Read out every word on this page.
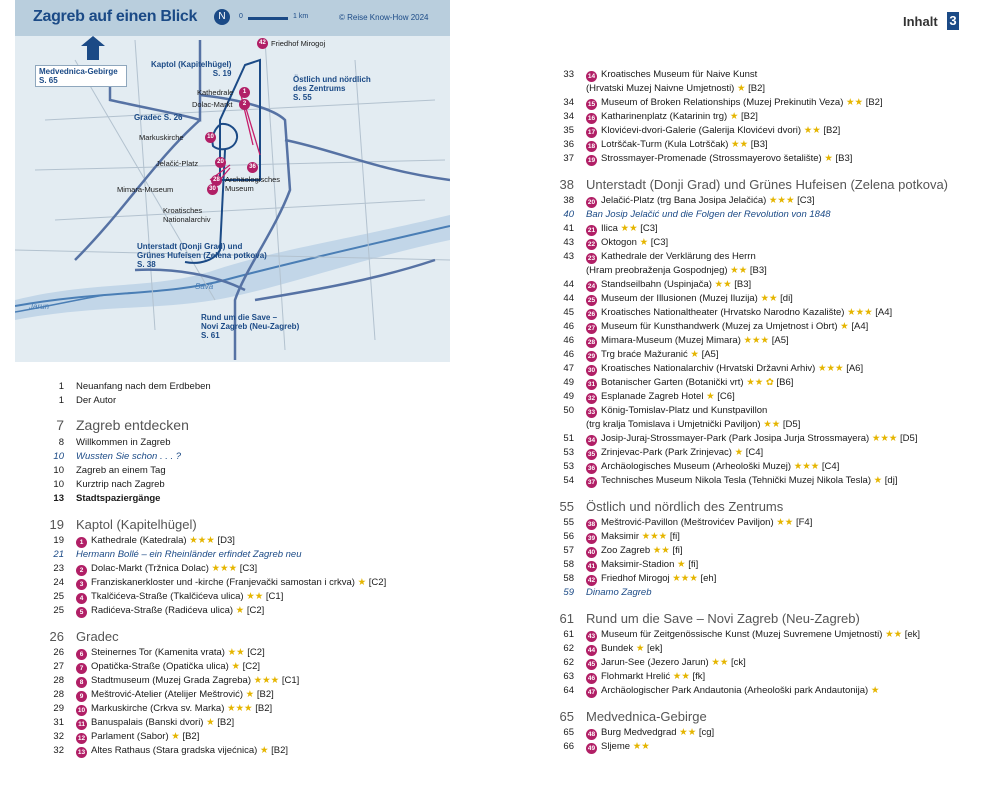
Zagreb auf einen Blick	N	0	1 km	© Reise Know-How 2024
Medvednica-Gebirge
S. 65
Kaptol (Kapitelhügel)
S. 19
Östlich und nördlich
des Zentrums
S. 55
Kathedrale
Dolac-Markt
Gradec S. 26
Markuskirche
Jelačić-Platz
Archäologisches
Museum
Mimara-Museum
Kroatisches
Nationalarchiv
Unterstadt (Donji Grad) und
Grünes Hufeisen (Zelena potkova)
S. 38
Sava
Jarun
Rund um die Save –
Novi Zagreb (Neu-Zagreb)
S. 61
Friedhof Mirogoj
1
2
10
20
36
28
30
42
Inhalt 3
1 Neuanfang nach dem Erdbeben
1 Der Autor
7 Zagreb entdecken
8 Willkommen in Zagreb
10 Wussten Sie schon . . . ?
10 Zagreb an einem Tag
10 Kurztrip nach Zagreb
13 Stadtspaziergänge
19 Kaptol (Kapitelhügel)
19	1 Kathedrale (Katedrala) ★★★ [D3]
21 Hermann Bollé – ein Rheinländer erfindet Zagreb neu
23	2 Dolac-Markt (Tržnica Dolac) ★★★ [C3]
24	3 Franziskanerkloster und -kirche (Franjevački samostan i crkva) ★ [C2]
25	4 Tkalčićeva-Straße (Tkalčićeva ulica) ★★ [C1]
25	5 Radićeva-Straße (Radićeva ulica) ★ [C2]
26 Gradec
26	6 Steinernes Tor (Kamenita vrata) ★★ [C2]
27	7 Opatička-Straße (Opatička ulica) ★ [C2]
28	8 Stadtmuseum (Muzej Grada Zagreba) ★★★ [C1]
28	9 Meštrović-Atelier (Atelijer Meštrović) ★ [B2]
29 10 Markuskirche (Crkva sv. Marka) ★★★ [B2]
31	11 Banuspalais (Banski dvori) ★ [B2]
32 12 Parlament (Sabor) ★ [B2]
32 13 Altes Rathaus (Stara gradska vijećnica) ★ [B2]
33 14 Kroatisches Museum für Naive Kunst
(Hrvatski Muzej Naivne Umjetnosti) ★ [B2]
34 15 Museum of Broken Relationships (Muzej Prekinutih Veza) ★★ [B2]
34 16 Katharinenplatz (Katarinin trg) ★ [B2]
35 17 Klovićevi-dvori-Galerie (Galerija Klovićevi dvori) ★★ [B2]
36 18 Lotrščak-Turm (Kula Lotrščak) ★★ [B3]
37 19 Strossmayer-Promenade (Strossmayerovo šetalište) ★ [B3]
38 Unterstadt (Donji Grad) und Grünes Hufeisen (Zelena potkova)
38 20 Jelačić-Platz (trg Bana Josipa Jelačića) ★★★ [C3]
40 Ban Josip Jelačić und die Folgen der Revolution von 1848
41 21 Ilica ★★ [C3]
43 22 Oktogon ★ [C3]
43 23 Kathedrale der Verklärung des Herrn
(Hram preobraženja Gospodnjeg) ★★ [B3]
44 24 Standseilbahn (Uspinjača) ★★ [B3]
44 25 Museum der Illusionen (Muzej Iluzija) ★★ [di]
45 26 Kroatisches Nationaltheater (Hrvatsko Narodno Kazalište) ★★★ [A4]
46 27 Museum für Kunsthandwerk (Muzej za Umjetnost i Obrt) ★ [A4]
46 28 Mimara-Museum (Muzej Mimara) ★★★ [A5]
46 29 Trg braće Mažuranić ★ [A5]
47 30 Kroatisches Nationalarchiv (Hrvatski Državni Arhiv) ★★★ [A6]
49 31 Botanischer Garten (Botanički vrt) ★★ ✿ [B6]
49 32 Esplanade Zagreb Hotel ★ [C6]
50 33 König-Tomislav-Platz und Kunstpavillon
(trg kralja Tomislava i Umjetnički Paviljon) ★★ [D5]
51 34 Josip-Juraj-Strossmayer-Park (Park Josipa Jurja Strossmayera) ★★★ [D5]
53 35 Zrinjevac-Park (Park Zrinjevac) ★ [C4]
53 36 Archäologisches Museum (Arheološki Muzej) ★★★ [C4]
54 37 Technisches Museum Nikola Tesla (Tehnički Muzej Nikola Tesla) ★ [dj]
55 Östlich und nördlich des Zentrums
55 38 Meštrović-Pavillon (Meštrovićev Paviljon) ★★ [F4]
56 39 Maksimir ★★★ [fi]
57 40 Zoo Zagreb ★★ [fi]
58 41 Maksimir-Stadion ★ [fi]
58 42 Friedhof Mirogoj ★★★ [eh]
59 Dinamo Zagreb
61 Rund um die Save – Novi Zagreb (Neu-Zagreb)
61 43 Museum für Zeitgenössische Kunst (Muzej Suvremene Umjetnosti) ★★ [ek]
62 44 Bundek ★ [ek]
62 45 Jarun-See (Jezero Jarun) ★★ [ck]
63 46 Flohmarkt Hrelić ★★ [fk]
64 47 Archäologischer Park Andautonia (Arheološki park Andautonija) ★
65 Medvednica-Gebirge
65 48 Burg Medvedgrad ★★ [cg]
66 49 Sljeme ★★
